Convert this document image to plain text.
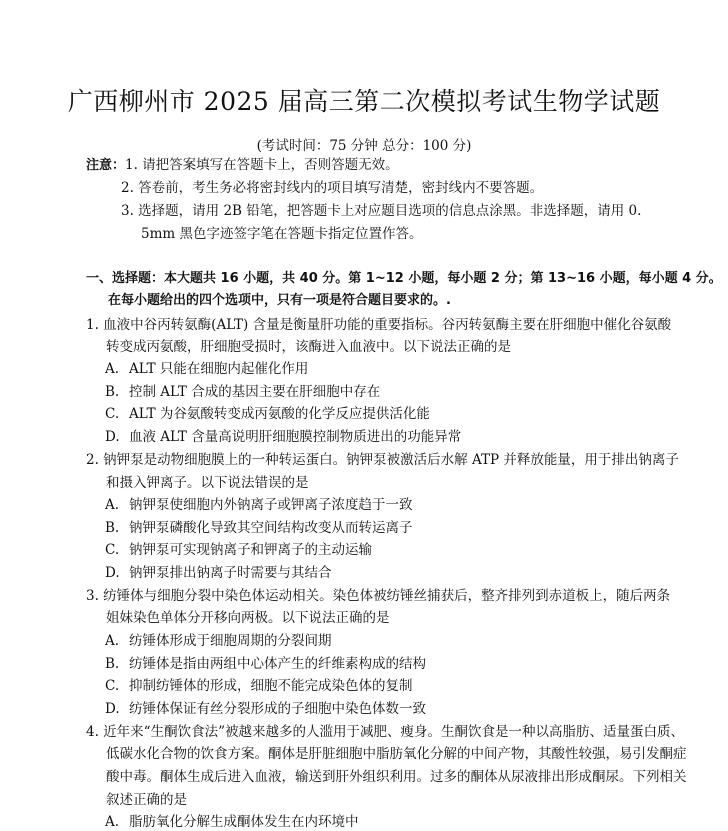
广西柳州市 2025 届高三第二次模拟考试生物学试题
(考试时间：75 分钟 总分：100 分)
注意：1. 请把答案填写在答题卡上，否则答题无效。
2. 答卷前，考生务必将密封线内的项目填写清楚，密封线内不要答题。
3. 选择题，请用 2B 铅笔，把答题卡上对应题目选项的信息点涂黑。非选择题，请用 0.
5mm 黑色字迹签字笔在答题卡指定位置作答。
一、选择题：本大题共 16 小题，共 40 分。第 1~12 小题，每小题 2 分；第 13~16 小题，每小题 4 分。
在每小题给出的四个选项中，只有一项是符合题目要求的。.
1. 血液中谷丙转氨酶(ALT) 含量是衡量肝功能的重要指标。谷丙转氨酶主要在肝细胞中催化谷氨酸
转变成丙氨酸，肝细胞受损时，该酶进入血液中。以下说法正确的是
A. ALT 只能在细胞内起催化作用
B. 控制 ALT 合成的基因主要在肝细胞中存在
C. ALT 为谷氨酸转变成丙氨酸的化学反应提供活化能
D. 血液 ALT 含量高说明肝细胞膜控制物质进出的功能异常
2. 钠钾泵是动物细胞膜上的一种转运蛋白。钠钾泵被激活后水解 ATP 并释放能量，用于排出钠离子
和摄入钾离子。以下说法错误的是
A. 钠钾泵使细胞内外钠离子或钾离子浓度趋于一致
B. 钠钾泵磷酸化导致其空间结构改变从而转运离子
C. 钠钾泵可实现钠离子和钾离子的主动运输
D. 钠钾泵排出钠离子时需要与其结合
3. 纺锤体与细胞分裂中染色体运动相关。染色体被纺锤丝捕获后，整齐排列到赤道板上，随后两条
姐妹染色单体分开移向两极。以下说法正确的是
A. 纺锤体形成于细胞周期的分裂间期
B. 纺锤体是指由两组中心体产生的纤维素构成的结构
C. 抑制纺锤体的形成，细胞不能完成染色体的复制
D. 纺锤体保证有丝分裂形成的子细胞中染色体数一致
4. 近年来“生酮饮食法”被越来越多的人滥用于减肥、瘦身。生酮饮食是一种以高脂肪、适量蛋白质、
低碳水化合物的饮食方案。酮体是肝脏细胞中脂肪氧化分解的中间产物，其酸性较强，易引发酮症
酸中毒。酮体生成后进入血液，输送到肝外组织利用。过多的酮体从尿液排出形成酮尿。下列相关
叙述正确的是
A. 脂肪氧化分解生成酮体发生在内环境中
